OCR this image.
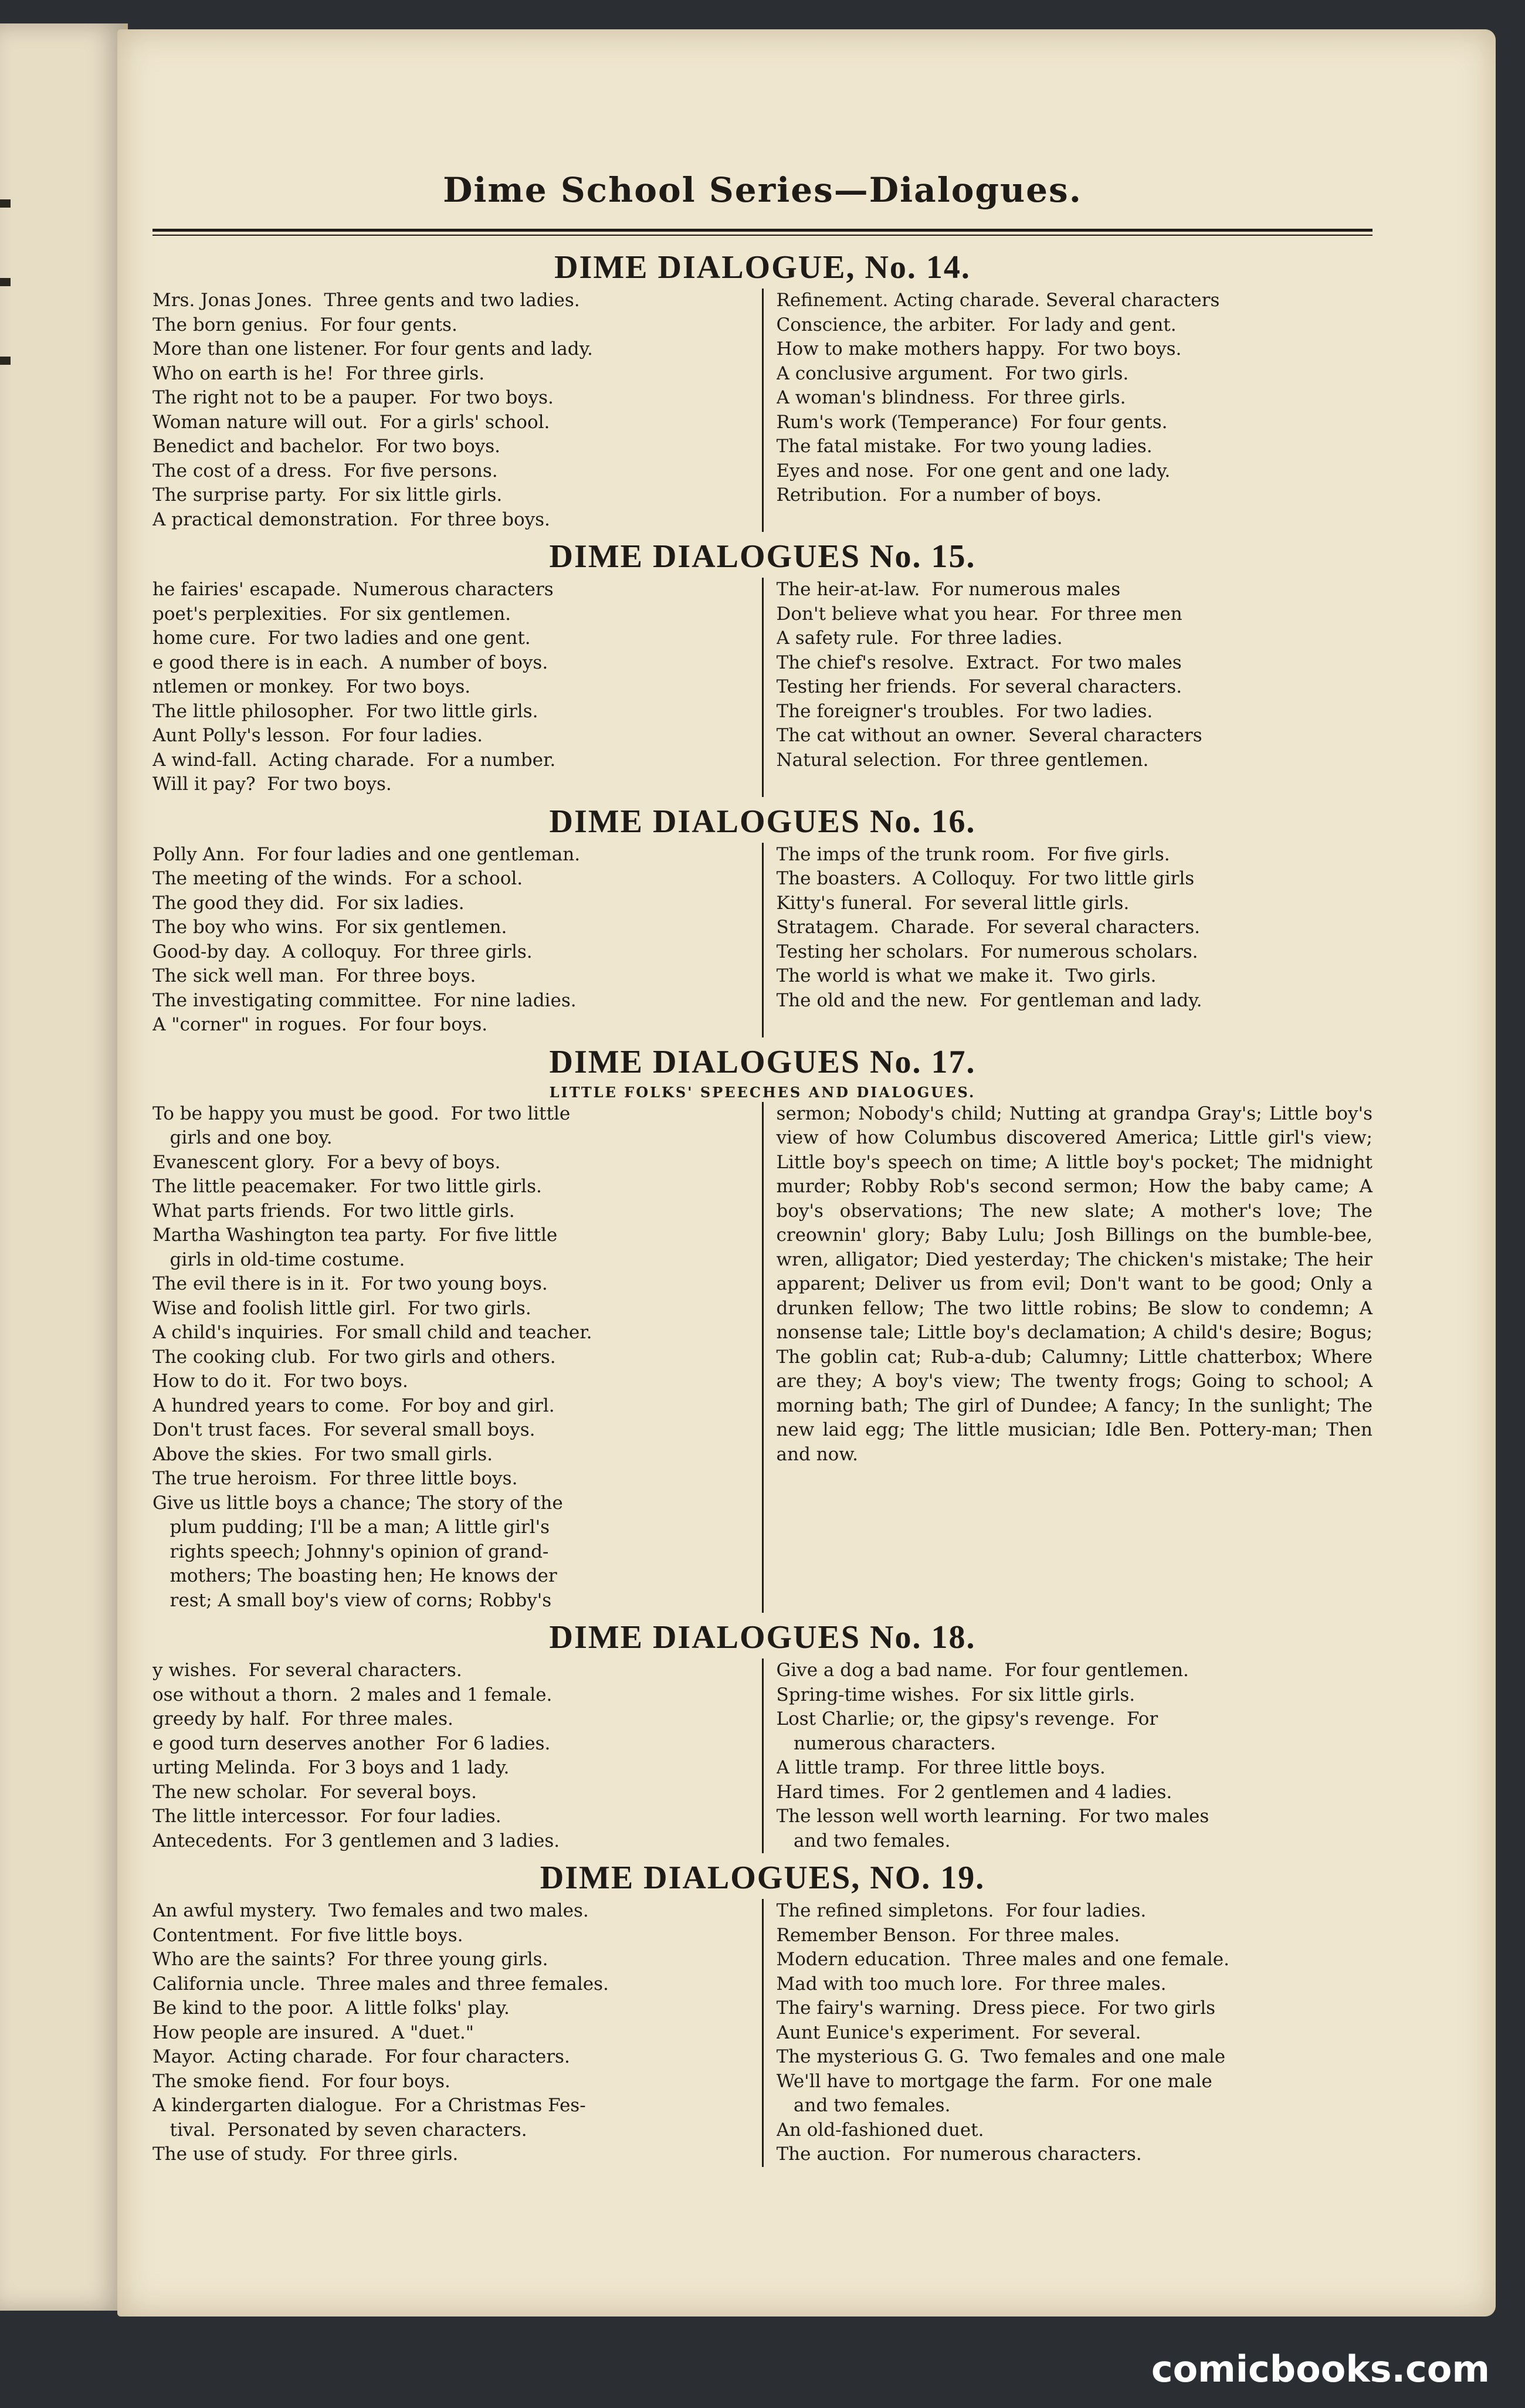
Dime School Series—Dialogues.
DIME DIALOGUE, No. 14.
Mrs. Jonas Jones.  Three gents and two ladies.
The born genius.  For four gents.
More than one listener. For four gents and lady.
Who on earth is he!  For three girls.
The right not to be a pauper.  For two boys.
Woman nature will out.  For a girls' school.
Benedict and bachelor.  For two boys.
The cost of a dress.  For five persons.
The surprise party.  For six little girls.
A practical demonstration.  For three boys.
Refinement. Acting charade. Several characters
Conscience, the arbiter.  For lady and gent.
How to make mothers happy.  For two boys.
A conclusive argument.  For two girls.
A woman's blindness.  For three girls.
Rum's work (Temperance)  For four gents.
The fatal mistake.  For two young ladies.
Eyes and nose.  For one gent and one lady.
Retribution.  For a number of boys.
DIME DIALOGUES No. 15.
he fairies' escapade.  Numerous characters
poet's perplexities.  For six gentlemen.
home cure.  For two ladies and one gent.
e good there is in each.  A number of boys.
ntlemen or monkey.  For two boys.
The little philosopher.  For two little girls.
Aunt Polly's lesson.  For four ladies.
A wind-fall.  Acting charade.  For a number.
Will it pay?  For two boys.
The heir-at-law.  For numerous males
Don't believe what you hear.  For three men
A safety rule.  For three ladies.
The chief's resolve.  Extract.  For two males
Testing her friends.  For several characters.
The foreigner's troubles.  For two ladies.
The cat without an owner.  Several characters
Natural selection.  For three gentlemen.
DIME DIALOGUES No. 16.
Polly Ann.  For four ladies and one gentleman.
The meeting of the winds.  For a school.
The good they did.  For six ladies.
The boy who wins.  For six gentlemen.
Good-by day.  A colloquy.  For three girls.
The sick well man.  For three boys.
The investigating committee.  For nine ladies.
A "corner" in rogues.  For four boys.
The imps of the trunk room.  For five girls.
The boasters.  A Colloquy.  For two little girls
Kitty's funeral.  For several little girls.
Stratagem.  Charade.  For several characters.
Testing her scholars.  For numerous scholars.
The world is what we make it.  Two girls.
The old and the new.  For gentleman and lady.
DIME DIALOGUES No. 17.
LITTLE FOLKS' SPEECHES AND DIALOGUES.
To be happy you must be good.  For two little
girls and one boy.
Evanescent glory.  For a bevy of boys.
The little peacemaker.  For two little girls.
What parts friends.  For two little girls.
Martha Washington tea party.  For five little
girls in old-time costume.
The evil there is in it.  For two young boys.
Wise and foolish little girl.  For two girls.
A child's inquiries.  For small child and teacher.
The cooking club.  For two girls and others.
How to do it.  For two boys.
A hundred years to come.  For boy and girl.
Don't trust faces.  For several small boys.
Above the skies.  For two small girls.
The true heroism.  For three little boys.
Give us little boys a chance; The story of the
plum pudding; I'll be a man; A little girl's
rights speech; Johnny's opinion of grand-
mothers; The boasting hen; He knows der
rest; A small boy's view of corns; Robby's
sermon; Nobody's child; Nutting at grandpa Gray's; Little boy's view of how Columbus discovered America; Little girl's view; Little boy's speech on time; A little boy's pocket; The midnight murder; Robby Rob's second sermon; How the baby came; A boy's observations; The new slate; A mother's love; The creownin' glory; Baby Lulu; Josh Billings on the bumble-bee, wren, alligator; Died yesterday; The chicken's mistake; The heir apparent; Deliver us from evil; Don't want to be good; Only a drunken fellow; The two little robins; Be slow to condemn; A nonsense tale; Little boy's declamation; A child's desire; Bogus; The goblin cat; Rub-a-dub; Calumny; Little chatterbox; Where are they; A boy's view; The twenty frogs; Going to school; A morning bath; The girl of Dundee; A fancy; In the sunlight; The new laid egg; The little musician; Idle Ben. Pottery-man; Then and now.
DIME DIALOGUES No. 18.
y wishes.  For several characters.
ose without a thorn.  2 males and 1 female.
greedy by half.  For three males.
e good turn deserves another  For 6 ladies.
urting Melinda.  For 3 boys and 1 lady.
The new scholar.  For several boys.
The little intercessor.  For four ladies.
Antecedents.  For 3 gentlemen and 3 ladies.
Give a dog a bad name.  For four gentlemen.
Spring-time wishes.  For six little girls.
Lost Charlie; or, the gipsy's revenge.  For
numerous characters.
A little tramp.  For three little boys.
Hard times.  For 2 gentlemen and 4 ladies.
The lesson well worth learning.  For two males
and two females.
DIME DIALOGUES, NO. 19.
An awful mystery.  Two females and two males.
Contentment.  For five little boys.
Who are the saints?  For three young girls.
California uncle.  Three males and three females.
Be kind to the poor.  A little folks' play.
How people are insured.  A "duet."
Mayor.  Acting charade.  For four characters.
The smoke fiend.  For four boys.
A kindergarten dialogue.  For a Christmas Fes-
tival.  Personated by seven characters.
The use of study.  For three girls.
The refined simpletons.  For four ladies.
Remember Benson.  For three males.
Modern education.  Three males and one female.
Mad with too much lore.  For three males.
The fairy's warning.  Dress piece.  For two girls
Aunt Eunice's experiment.  For several.
The mysterious G. G.  Two females and one male
We'll have to mortgage the farm.  For one male
and two females.
An old-fashioned duet.
The auction.  For numerous characters.
comicbooks.com
